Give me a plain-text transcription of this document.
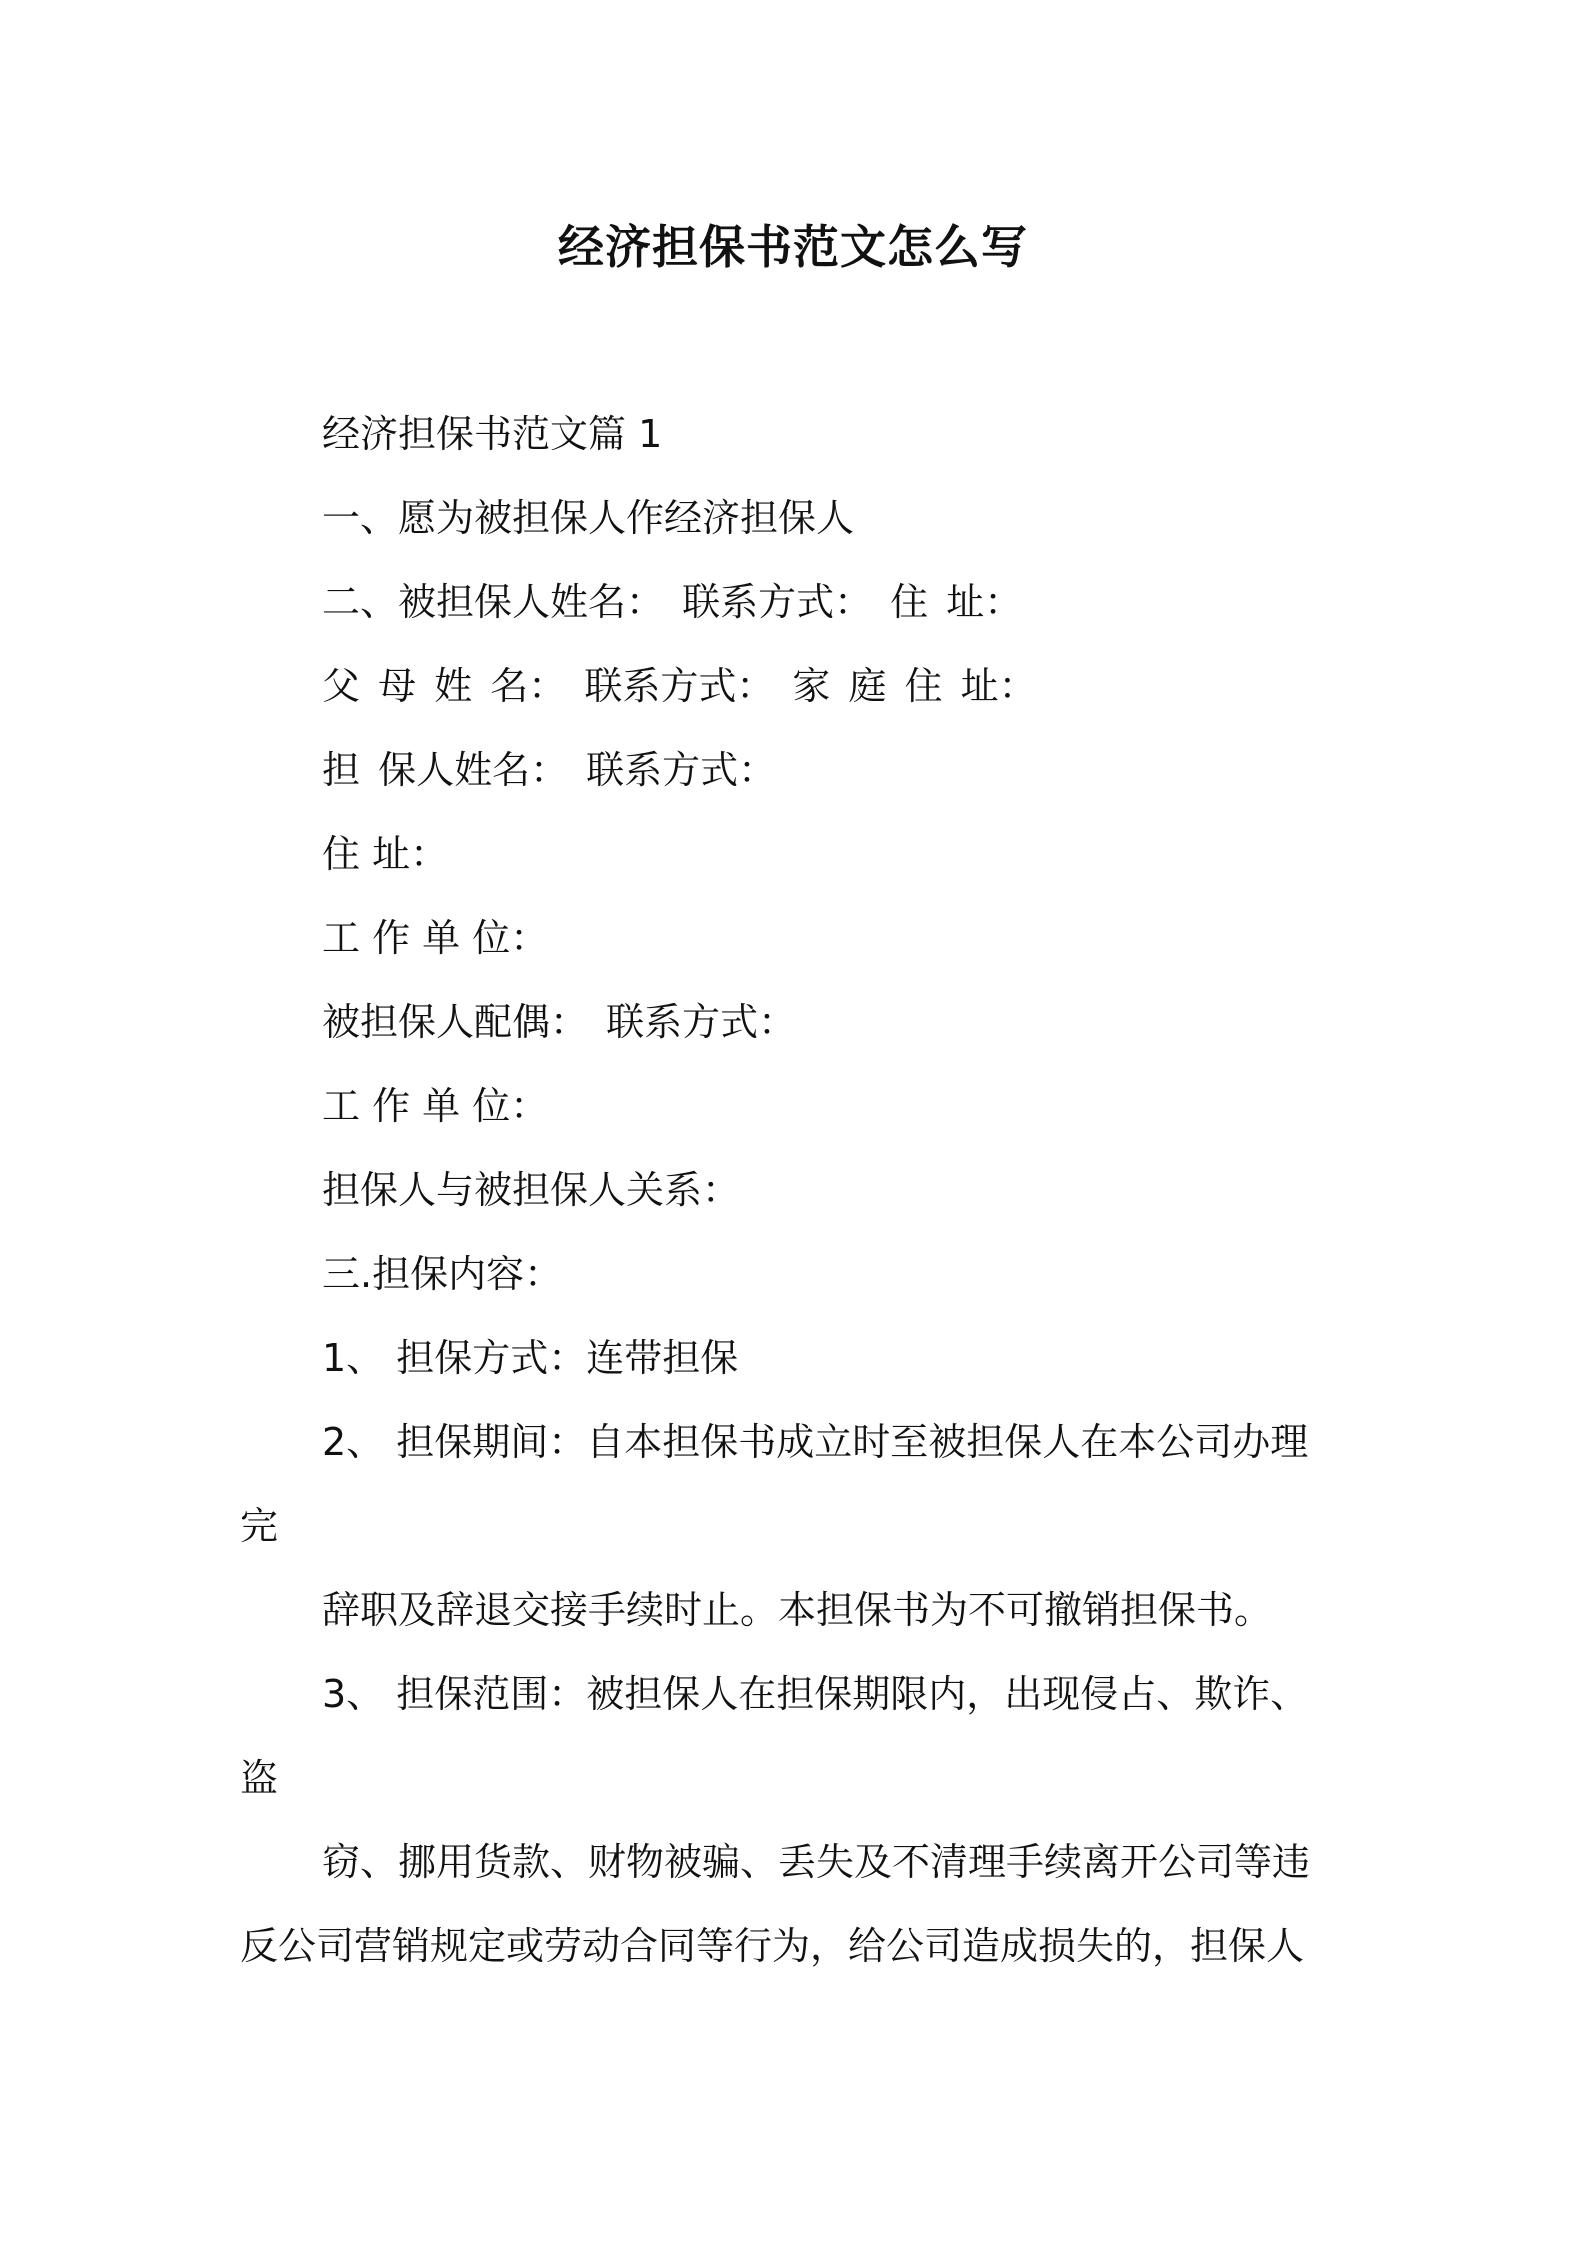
经济担保书范文怎么写
经济担保书范文篇 1
一、愿为被担保人作经济担保人
二、被担保人姓名： 联系方式： 住 址：
父 母 姓 名： 联系方式： 家 庭 住 址：
担 保人姓名： 联系方式：
住 址：
工 作 单 位：
被担保人配偶： 联系方式：
工 作 单 位：
担保人与被担保人关系：
三.担保内容：
1、 担保方式：连带担保
2、 担保期间：自本担保书成立时至被担保人在本公司办理
完
辞职及辞退交接手续时止。本担保书为不可撤销担保书。
3、 担保范围：被担保人在担保期限内，出现侵占、欺诈、
盗
窃、挪用货款、财物被骗、丢失及不清理手续离开公司等违
反公司营销规定或劳动合同等行为，给公司造成损失的，担保人
